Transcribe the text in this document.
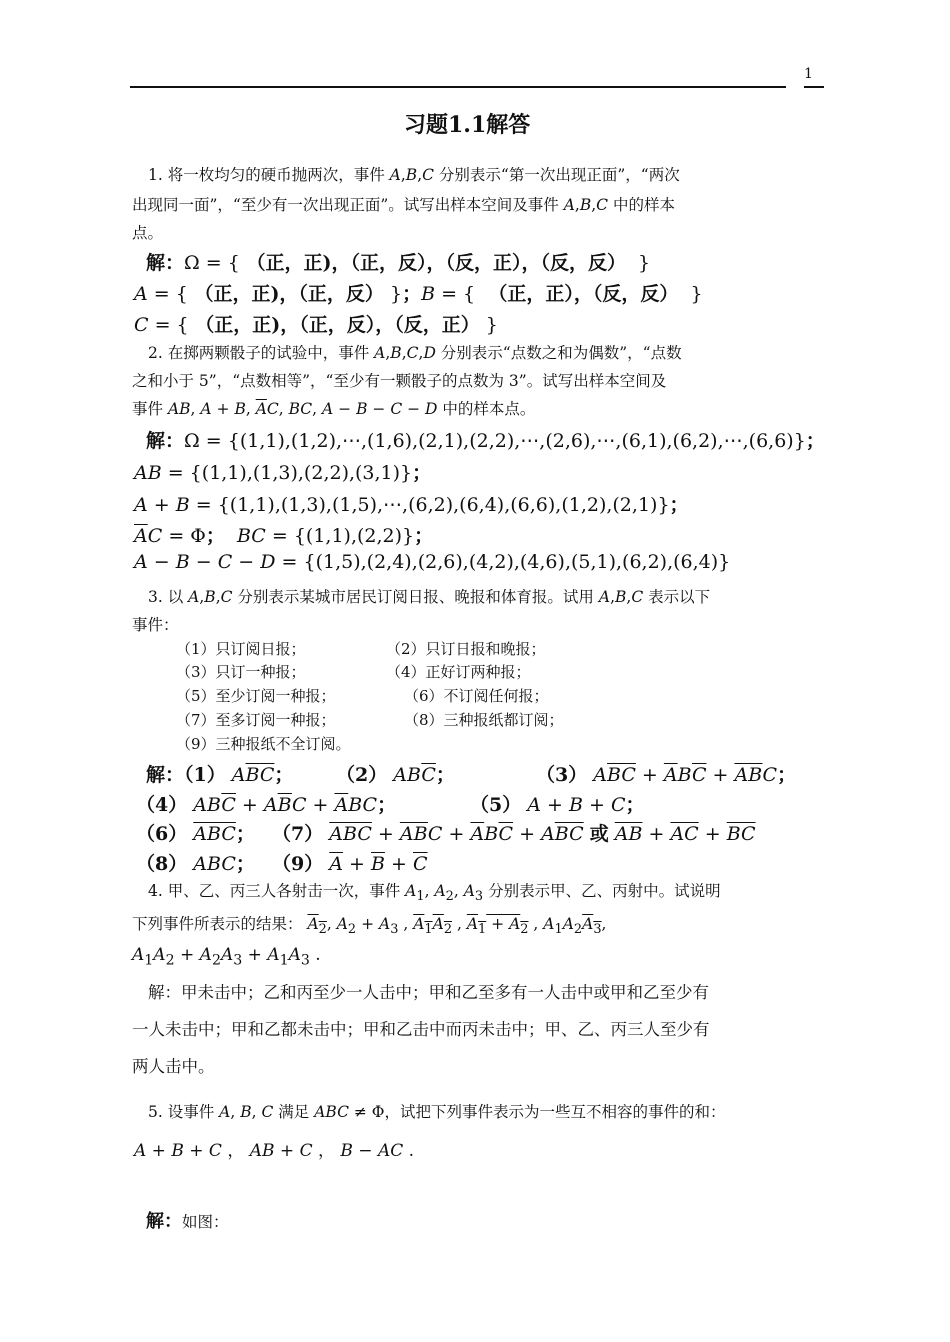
1
习题1.1解答
1. 将一枚均匀的硬币抛两次，事件 A,B,C 分别表示“第一次出现正面”，“两次
出现同一面”，“至少有一次出现正面”。试写出样本空间及事件 A,B,C 中的样本
点。
解：Ω = { （正，正)，（正，反），（反，正），（反，反）  }
A = { （正，正)，（正，反） }；B = {  （正，正），（反，反）  }
C = { （正，正)，（正，反），（反，正） }
2. 在掷两颗骰子的试验中，事件 A,B,C,D 分别表示“点数之和为偶数”，“点数
之和小于 5”，“点数相等”，“至少有一颗骰子的点数为 3”。试写出样本空间及
事件 AB, A + B, $\overline{A}C$, BC, A − B − C − D 中的样本点。
解：Ω = {(1,1),(1,2),⋯,(1,6),(2,1),(2,2),⋯,(2,6),⋯,(6,1),(6,2),⋯,(6,6)}；
AB = {(1,1),(1,3),(2,2),(3,1)}；
A + B = {(1,1),(1,3),(1,5),⋯,(6,2),(6,4),(6,6),(1,2),(2,1)}；
$\overline{A}C = \Phi$； BC = {(1,1),(2,2)}；
A − B − C − D = {(1,5),(2,4),(2,6),(4,2),(4,6),(5,1),(6,2),(6,4)}
3. 以 A,B,C 分别表示某城市居民订阅日报、晚报和体育报。试用 A,B,C 表示以下
事件：
（1）只订阅日报；	（2）只订日报和晚报；
（3）只订一种报；	（4）正好订两种报；
（5）至少订阅一种报；	（6）不订阅任何报；
（7）至多订阅一种报；	（8）三种报纸都订阅；
（9）三种报纸不全订阅。
解：（1） $A\overline{B}\overline{C}$； （2） $AB\overline{C}$；	（3） $A\overline{BC} + \overline{A}B\overline{C} + \overline{AB}C$；
（4） $AB\overline{C} + A\overline{B}C + \overline{A}BC$；	（5） A + B + C；
（6） $\overline{ABC}$； （7） $\overline{ABC} + \overline{AB}C + \overline{A}B\overline{C} + A\overline{BC}$ 或 $\overline{AB} + \overline{AC} + \overline{BC}$
（8） ABC； （9） $\overline{A} + \overline{B} + \overline{C}$
4. 甲、乙、丙三人各射击一次，事件 $A_1$, $A_2$, $A_3$ 分别表示甲、乙、丙射中。试说明
下列事件所表示的结果： $A_2$, $A_2 + A_3$ , $A_1A_2$ , $A_1 + A_2$ , $A_1A_2A_3$,
$A_1A_2 + A_2A_3 + A_1A_3$ .
解：甲未击中；乙和丙至少一人击中；甲和乙至多有一人击中或甲和乙至少有
一人未击中；甲和乙都未击中；甲和乙击中而丙未击中；甲、乙、丙三人至少有
两人击中。
5. 设事件 A, B, C 满足 ABC ≠ Φ，试把下列事件表示为一些互不相容的事件的和：
A + B + C ， AB + C ， B − AC .
解：如图：
